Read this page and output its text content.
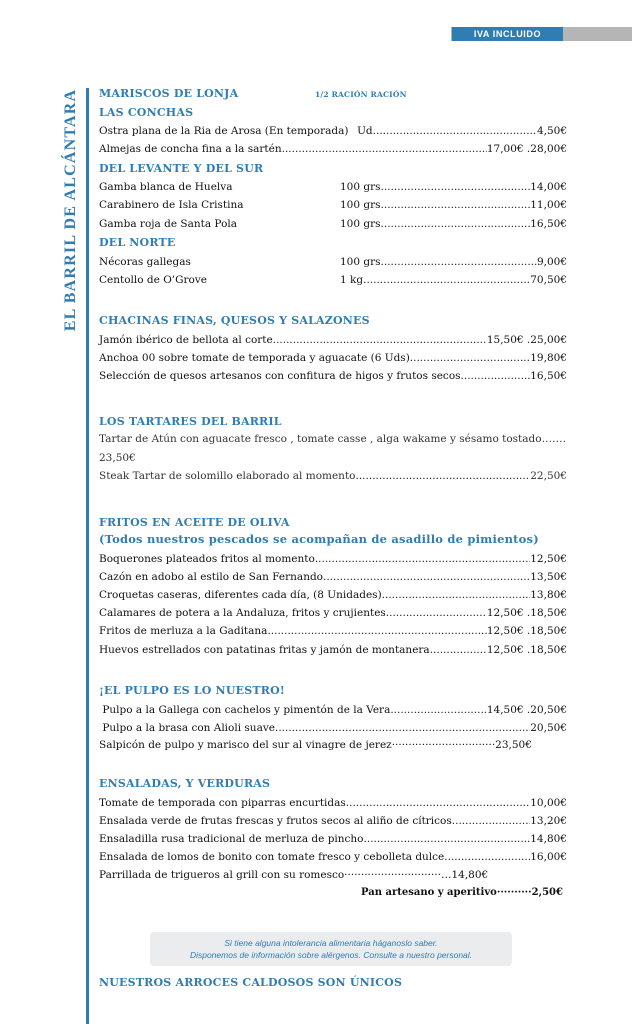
IVA INCLUIDO
EL BARRIL DE ALCÁNTARA MARISCOS DE LONJA	1/2 RACIÓN RACIÓN
LAS CONCHAS
Ostra plana de la Ria de Arosa (En temporada) Ud. .....	4,50€
Almejas de concha fina a la sartén .....	17,00€ .28,00€
DEL LEVANTE Y DEL SUR
Gamba blanca de Huelva	100 grs. .....	14,00€
Carabinero de Isla Cristina	100 grs. .....	11,00€
Gamba roja de Santa Pola	100 grs. .....	16,50€
DEL NORTE
Nécoras gallegas	100 grs. .....	9,00€
Centollo de O’Grove	1 kg. .....	70,50€
CHACINAS FINAS, QUESOS Y SALAZONES
Jamón ibérico de bellota al corte .....	15,50€ .25,00€
Anchoa 00 sobre tomate de temporada y aguacate (6 Uds) .....	19,80€
Selección de quesos artesanos con confitura de higos y frutos secos .....	16,50€
LOS TARTARES DEL BARRIL
Tartar de Atún con aguacate fresco , tomate casse , alga wakame y sésamo tostado…….
23,50€
Steak Tartar de solomillo elaborado al momento .....	22,50€
FRITOS EN ACEITE DE OLIVA
(Todos nuestros pescados se acompañan de asadillo de pimientos)
Boquerones plateados fritos al momento .....	12,50€
Cazón en adobo al estilo de San Fernando .....	13,50€
Croquetas caseras, diferentes cada día, (8 Unidades). .....	13,80€
Calamares de potera a la Andaluza, fritos y crujientes .....	12,50€ .18,50€
Fritos de merluza a la Gaditana .....	12,50€ .18,50€
Huevos estrellados con patatinas fritas y jamón de montanera .....	12,50€ .18,50€
¡EL PULPO ES LO NUESTRO!
Pulpo a la Gallega con cachelos y pimentón de la Vera .....	14,50€ .20,50€
Pulpo a la brasa con Alioli suave .....	20,50€
Salpicón de pulpo y marisco del sur al vinagre de jerez·······························23,50€
ENSALADAS, Y VERDURAS
Tomate de temporada con piparras encurtidas .....	10,00€
Ensalada verde de frutas frescas y frutos secos al aliño de cítricos .....	13,20€
Ensaladilla rusa tradicional de merluza de pincho .....	14,80€
Ensalada de lomos de bonito con tomate fresco y cebolleta dulce .....	16,00€
Parrillada de trigueros al grill con su romesco·····························…14,80€
Pan artesano y aperitivo··········2,50€
NUESTROS ARROCES CALDOSOS SON ÚNICOS
Si tiene alguna intolerancia alimentaria háganoslo saber.
Disponemos de información sobre alérgenos. Consulte a nuestro personal.
